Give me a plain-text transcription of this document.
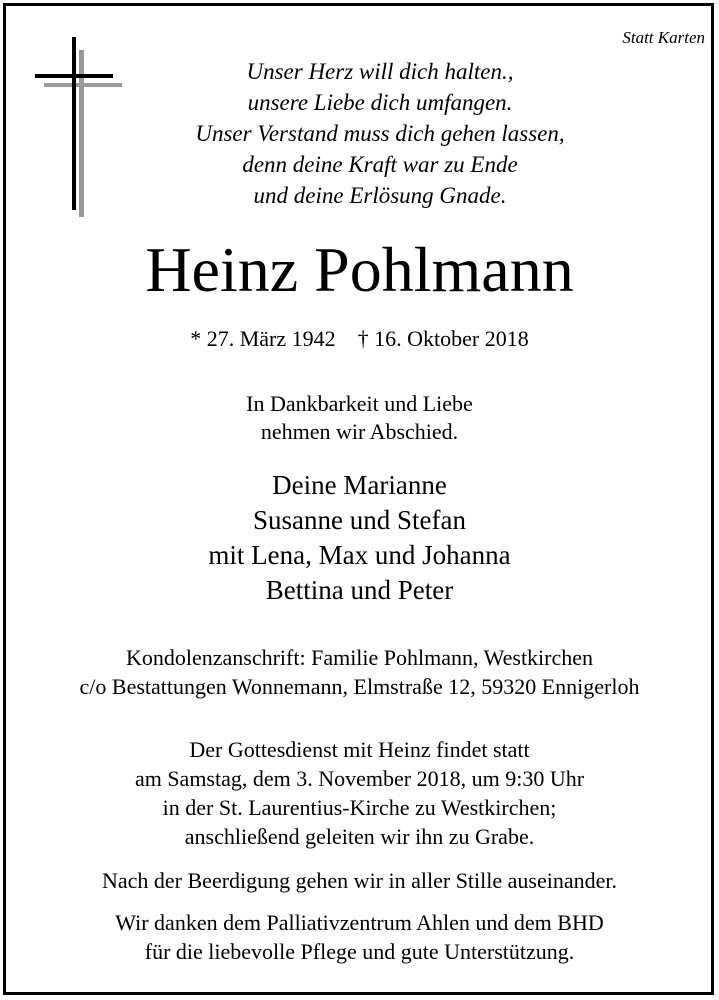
Statt Karten
Unser Herz will dich halten.,
unsere Liebe dich umfangen.
Unser Verstand muss dich gehen lassen,
denn deine Kraft war zu Ende
und deine Erlösung Gnade.
Heinz Pohlmann
* 27. März 1942 † 16. Oktober 2018
In Dankbarkeit und Liebe
nehmen wir Abschied.
Deine Marianne
Susanne und Stefan
mit Lena, Max und Johanna
Bettina und Peter
Kondolenzanschrift: Familie Pohlmann, Westkirchen
c/o Bestattungen Wonnemann, Elmstraße 12, 59320 Ennigerloh
Der Gottesdienst mit Heinz findet statt
am Samstag, dem 3. November 2018, um 9:30 Uhr
in der St. Laurentius-Kirche zu Westkirchen;
anschließend geleiten wir ihn zu Grabe.
Nach der Beerdigung gehen wir in aller Stille auseinander.
Wir danken dem Palliativzentrum Ahlen und dem BHD
für die liebevolle Pflege und gute Unterstützung.
